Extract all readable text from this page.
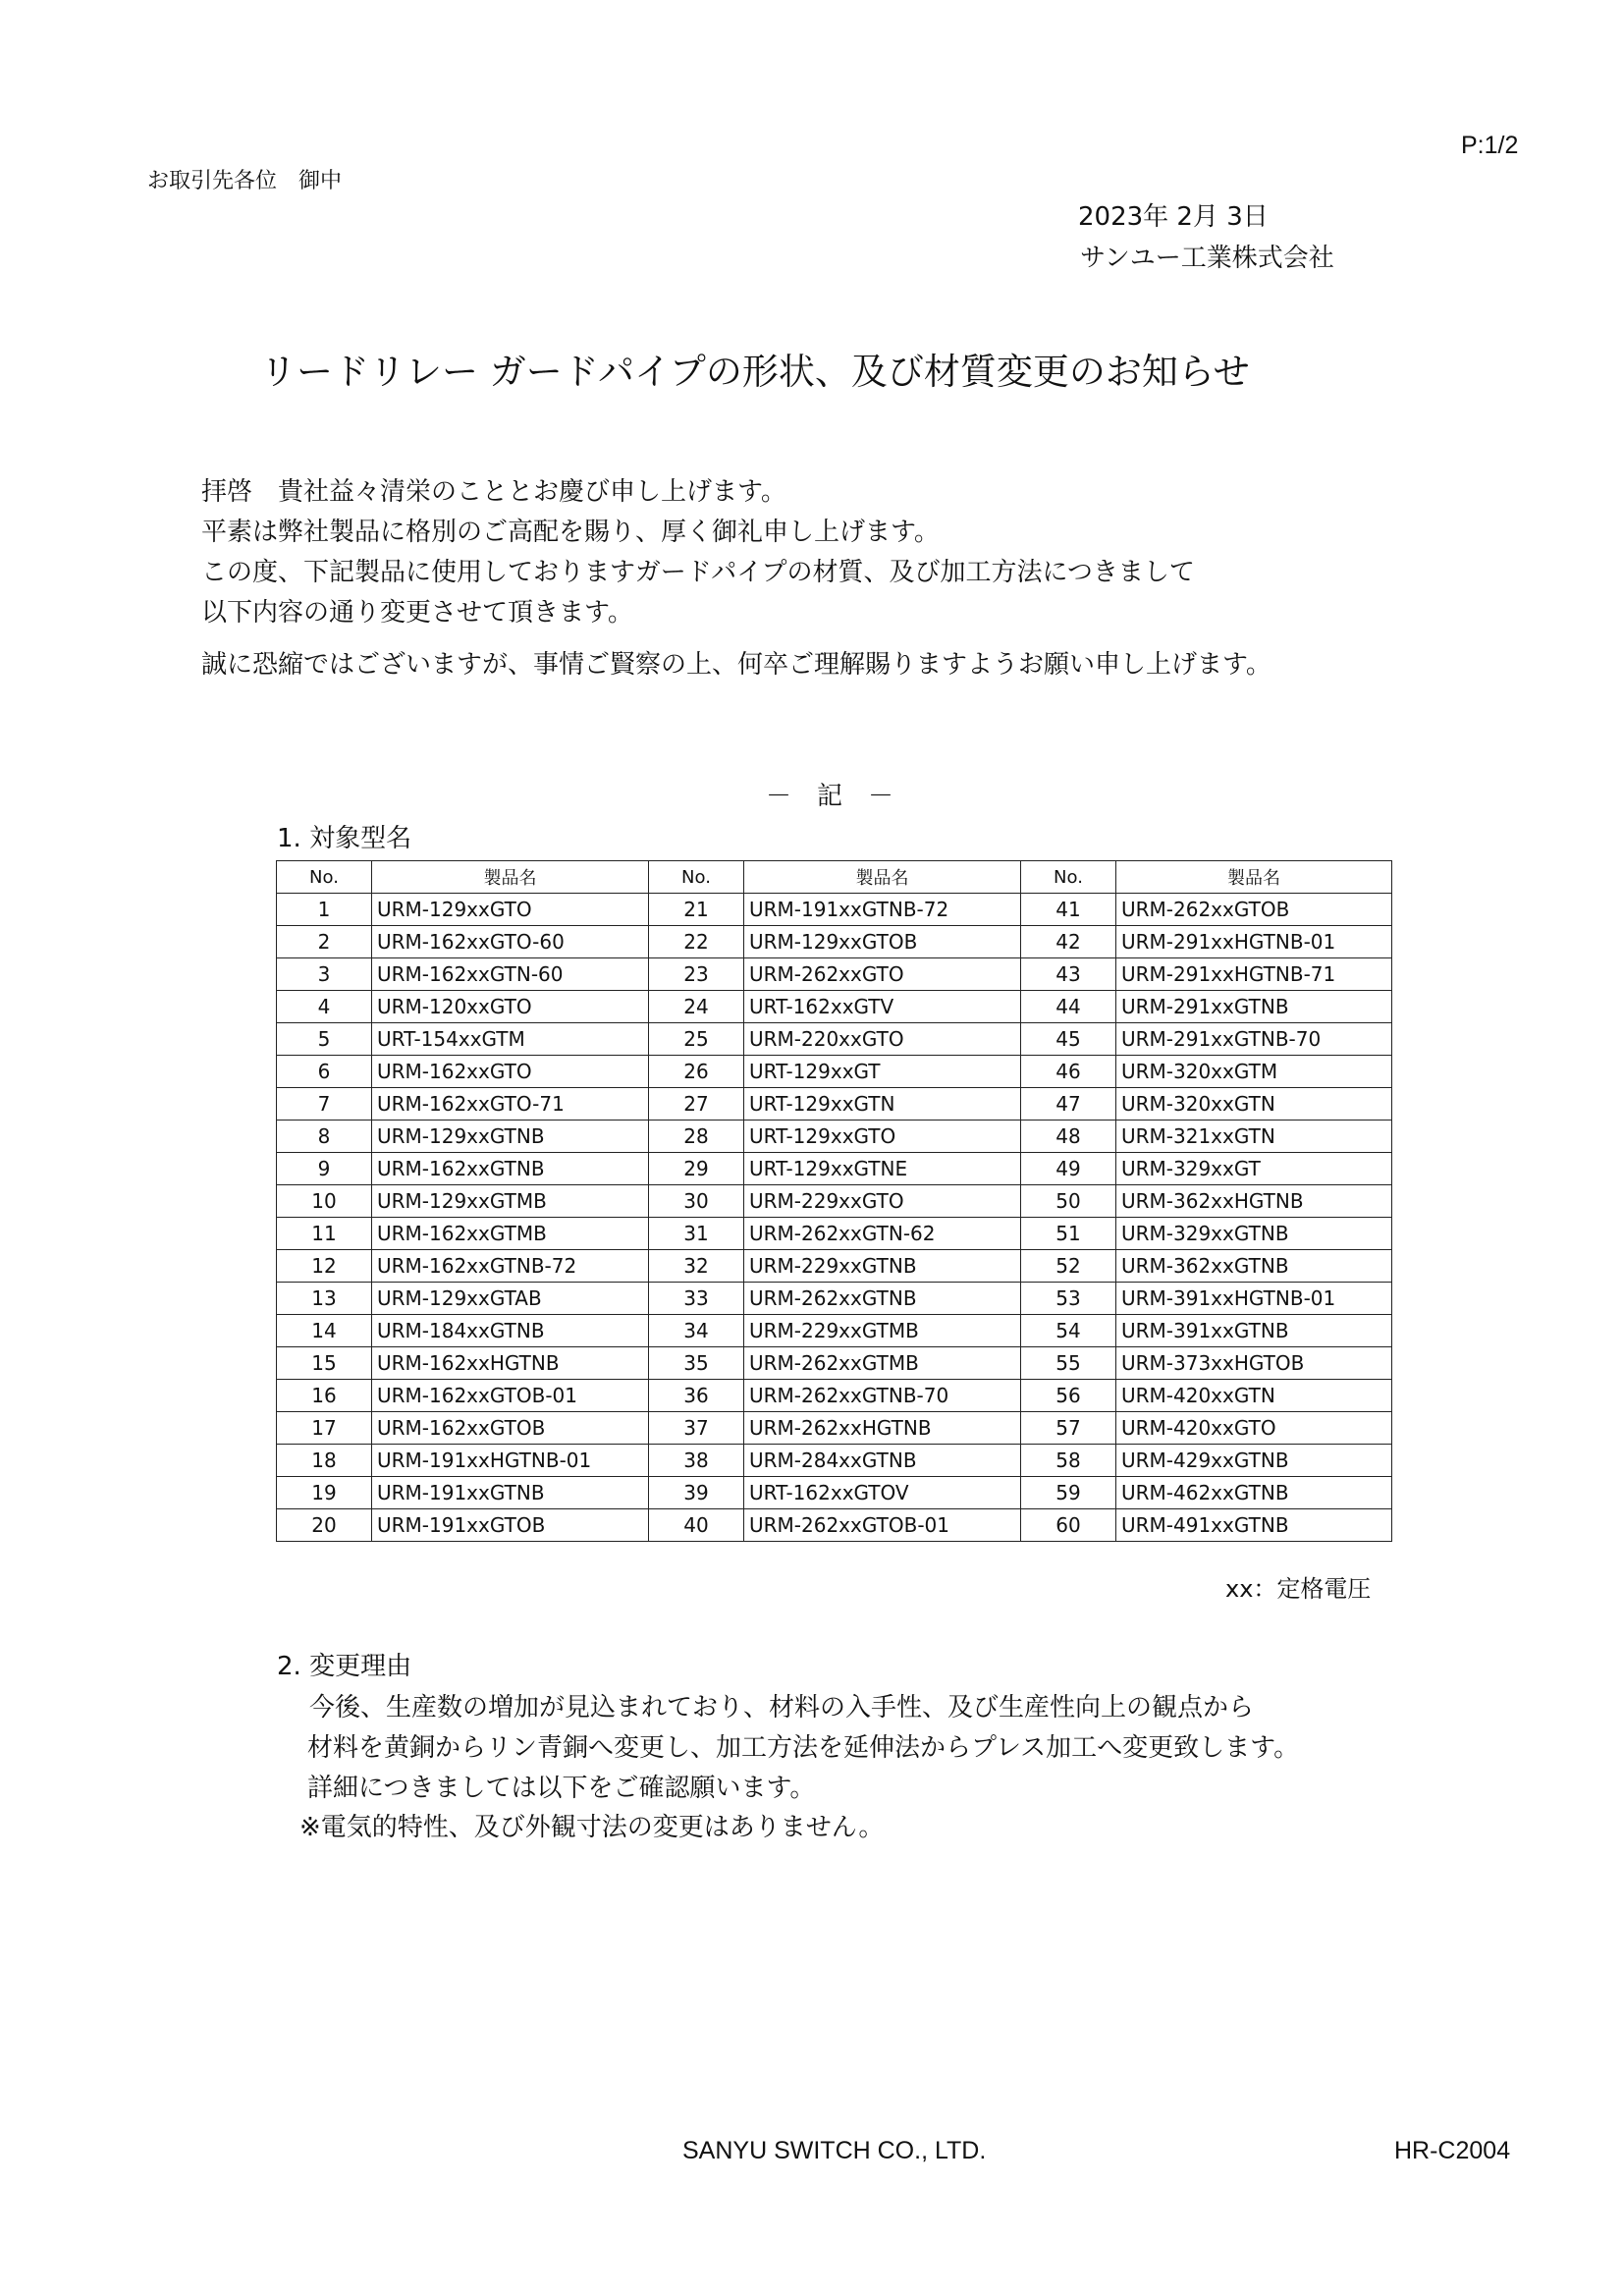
P:1/2
お取引先各位　御中
2023年 2月 3日
サンユー工業株式会社
リードリレー ガードパイプの形状、及び材質変更のお知らせ
拝啓　貴社益々清栄のこととお慶び申し上げます。
平素は弊社製品に格別のご高配を賜り、厚く御礼申し上げます。
この度、下記製品に使用しておりますガードパイプの材質、及び加工方法につきまして
以下内容の通り変更させて頂きます。
誠に恐縮ではございますが、事情ご賢察の上、何卒ご理解賜りますようお願い申し上げます。
－　記　－
1. 対象型名
No.	製品名	No.	製品名	No.	製品名
1	URM-129xxGTO	21	URM-191xxGTNB-72	41	URM-262xxGTOB
2	URM-162xxGTO-60	22	URM-129xxGTOB	42	URM-291xxHGTNB-01
3	URM-162xxGTN-60	23	URM-262xxGTO	43	URM-291xxHGTNB-71
4	URM-120xxGTO	24	URT-162xxGTV	44	URM-291xxGTNB
5	URT-154xxGTM	25	URM-220xxGTO	45	URM-291xxGTNB-70
6	URM-162xxGTO	26	URT-129xxGT	46	URM-320xxGTM
7	URM-162xxGTO-71	27	URT-129xxGTN	47	URM-320xxGTN
8	URM-129xxGTNB	28	URT-129xxGTO	48	URM-321xxGTN
9	URM-162xxGTNB	29	URT-129xxGTNE	49	URM-329xxGT
10	URM-129xxGTMB	30	URM-229xxGTO	50	URM-362xxHGTNB
11	URM-162xxGTMB	31	URM-262xxGTN-62	51	URM-329xxGTNB
12	URM-162xxGTNB-72	32	URM-229xxGTNB	52	URM-362xxGTNB
13	URM-129xxGTAB	33	URM-262xxGTNB	53	URM-391xxHGTNB-01
14	URM-184xxGTNB	34	URM-229xxGTMB	54	URM-391xxGTNB
15	URM-162xxHGTNB	35	URM-262xxGTMB	55	URM-373xxHGTOB
16	URM-162xxGTOB-01	36	URM-262xxGTNB-70	56	URM-420xxGTN
17	URM-162xxGTOB	37	URM-262xxHGTNB	57	URM-420xxGTO
18	URM-191xxHGTNB-01	38	URM-284xxGTNB	58	URM-429xxGTNB
19	URM-191xxGTNB	39	URT-162xxGTOV	59	URM-462xxGTNB
20	URM-191xxGTOB	40	URM-262xxGTOB-01	60	URM-491xxGTNB
xx：定格電圧
2. 変更理由
今後、生産数の増加が見込まれており、材料の入手性、及び生産性向上の観点から
材料を黄銅からリン青銅へ変更し、加工方法を延伸法からプレス加工へ変更致します。
詳細につきましては以下をご確認願います。
※電気的特性、及び外観寸法の変更はありません。
SANYU SWITCH CO., LTD.	HR-C2004
